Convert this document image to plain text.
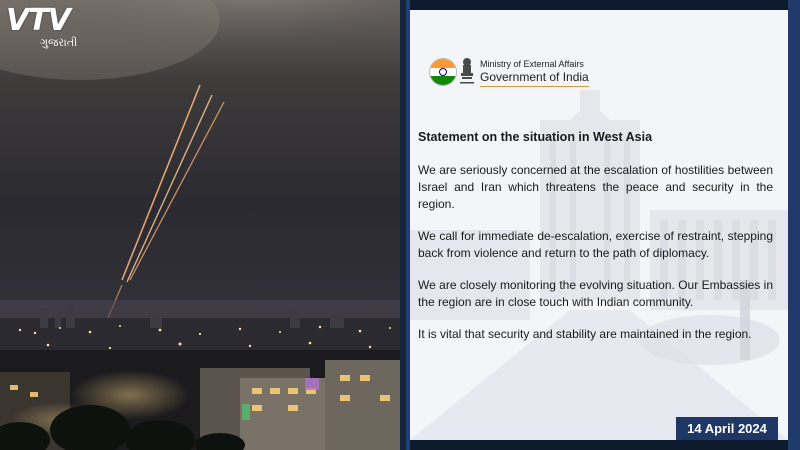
VTV
ગુજરાતી
Ministry of External Affairs
Government of India
Statement on the situation in West Asia

We are seriously concerned at the escalation of hostilities between Israel and Iran which threatens the peace and security in the region.

We call for immediate de-escalation, exercise of restraint, stepping back from violence and return to the path of diplomacy.

We are closely monitoring the evolving situation. Our Embassies in the region are in close touch with Indian community.

It is vital that security and stability are maintained in the region.

14 April 2024
